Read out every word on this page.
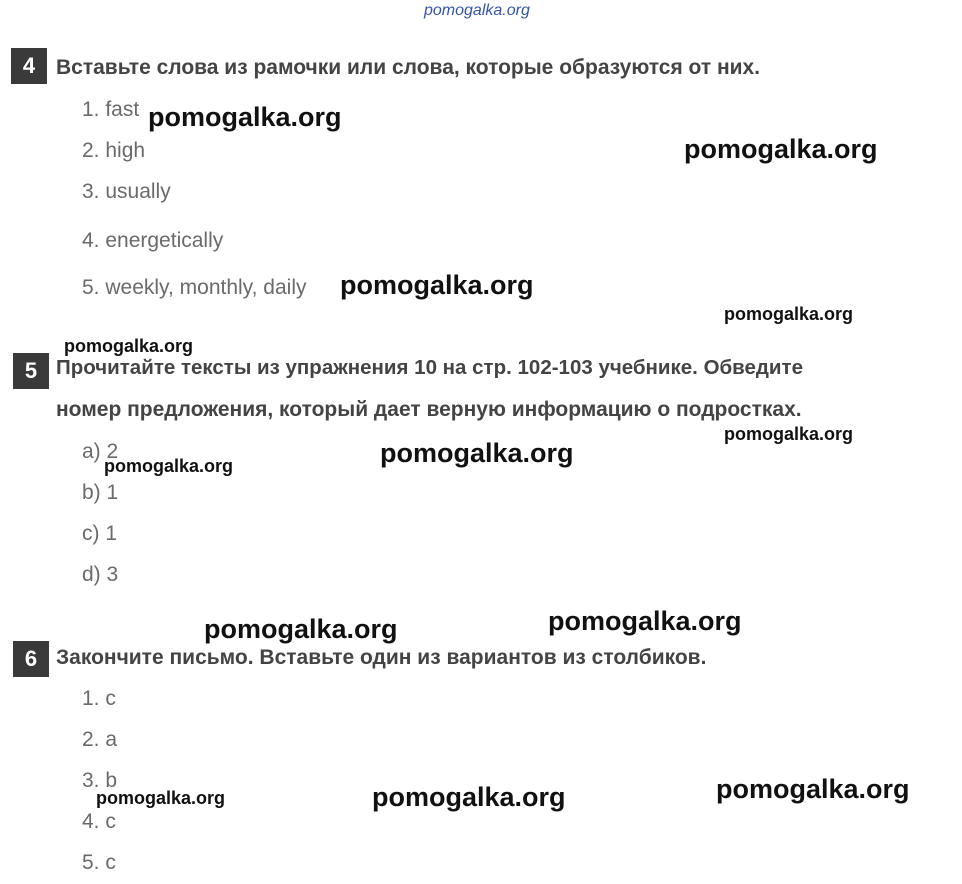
pomogalka.org
4 Вставьте слова из рамочки или слова, которые образуются от них.
1. fast
2. high
3. usually
4. energetically
5. weekly, monthly, daily
5 Прочитайте тексты из упражнения 10 на стр. 102-103 учебнике. Обведите
номер предложения, который дает верную информацию о подростках.
a) 2
b) 1
c) 1
d) 3
6 Закончите письмо. Вставьте один из вариантов из столбиков.
1. c
2. a
3. b
4. c
5. c
pomogalka.org
pomogalka.org
pomogalka.org
pomogalka.org
pomogalka.org
pomogalka.org
pomogalka.org
pomogalka.org
pomogalka.org
pomogalka.org
pomogalka.org
pomogalka.org	pomogalka.org
